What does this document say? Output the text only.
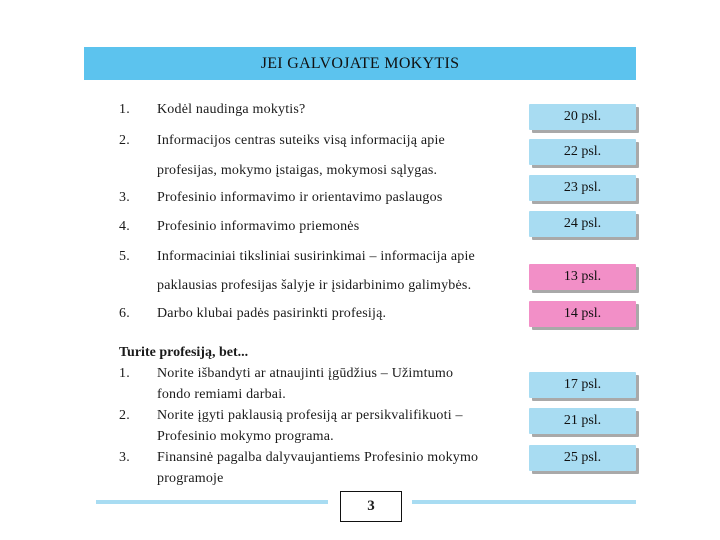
JEI GALVOJATE MOKYTIS
1. Kodėl naudinga mokytis?
2. Informacijos centras suteiks visą informaciją apie
profesijas, mokymo įstaigas, mokymosi sąlygas.
3. Profesinio informavimo ir orientavimo paslaugos
4. Profesinio informavimo priemonės
5. Informaciniai tiksliniai susirinkimai – informacija apie
paklausias profesijas šalyje ir įsidarbinimo galimybės.
6. Darbo klubai padės pasirinkti profesiją.
Turite profesiją, bet...
1. Norite išbandyti ar atnaujinti įgūdžius – Užimtumo
fondo remiami darbai.
2. Norite įgyti paklausią profesiją ar persikvalifikuoti –
Profesinio mokymo programa.
3. Finansinė pagalba dalyvaujantiems Profesinio mokymo
programoje
20 psl.
22 psl.
23 psl.
24 psl.
13 psl.
14 psl.
17 psl.
21 psl.
25 psl.
3
